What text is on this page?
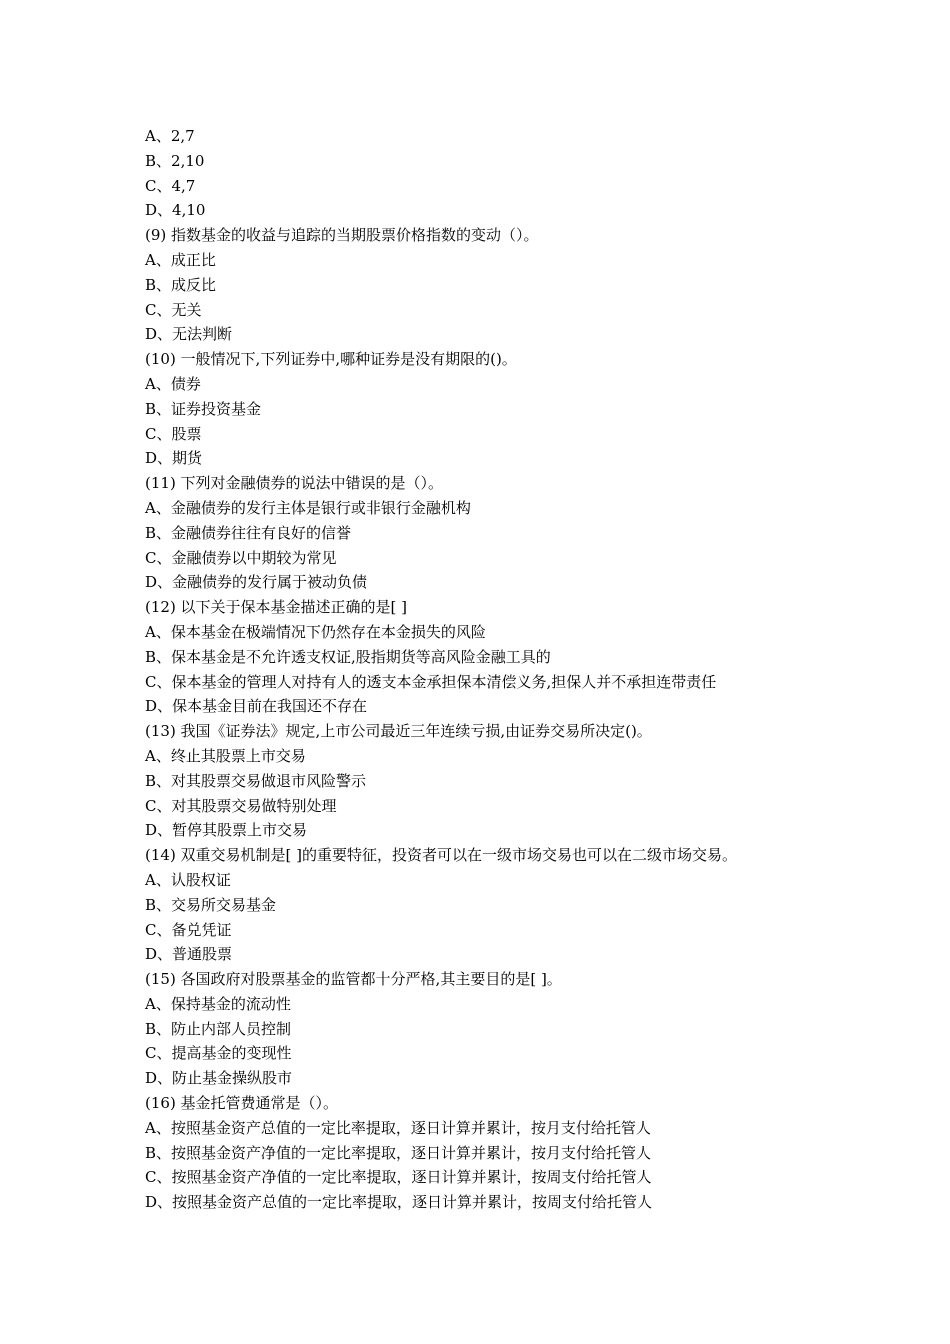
A、2,7
B、2,10
C、4,7
D、4,10
(9) 指数基金的收益与追踪的当期股票价格指数的变动（）。
A、成正比
B、成反比
C、无关
D、无法判断
(10) 一般情况下,下列证券中,哪种证券是没有期限的()。
A、债券
B、证券投资基金
C、股票
D、期货
(11) 下列对金融债券的说法中错误的是（）。
A、金融债券的发行主体是银行或非银行金融机构
B、金融债券往往有良好的信誉
C、金融债券以中期较为常见
D、金融债券的发行属于被动负债
(12) 以下关于保本基金描述正确的是[ ]
A、保本基金在极端情况下仍然存在本金损失的风险
B、保本基金是不允许透支权证,股指期货等高风险金融工具的
C、保本基金的管理人对持有人的透支本金承担保本清偿义务,担保人并不承担连带责任
D、保本基金目前在我国还不存在
(13) 我国《证券法》规定,上市公司最近三年连续亏损,由证券交易所决定()。
A、终止其股票上市交易
B、对其股票交易做退市风险警示
C、对其股票交易做特别处理
D、暂停其股票上市交易
(14) 双重交易机制是[ ]的重要特征，投资者可以在一级市场交易也可以在二级市场交易。
A、认股权证
B、交易所交易基金
C、备兑凭证
D、普通股票
(15) 各国政府对股票基金的监管都十分严格,其主要目的是[ ]。
A、保持基金的流动性
B、防止内部人员控制
C、提高基金的变现性
D、防止基金操纵股市
(16) 基金托管费通常是（）。
A、按照基金资产总值的一定比率提取，逐日计算并累计，按月支付给托管人
B、按照基金资产净值的一定比率提取，逐日计算并累计，按月支付给托管人
C、按照基金资产净值的一定比率提取，逐日计算并累计，按周支付给托管人
D、按照基金资产总值的一定比率提取，逐日计算并累计，按周支付给托管人
